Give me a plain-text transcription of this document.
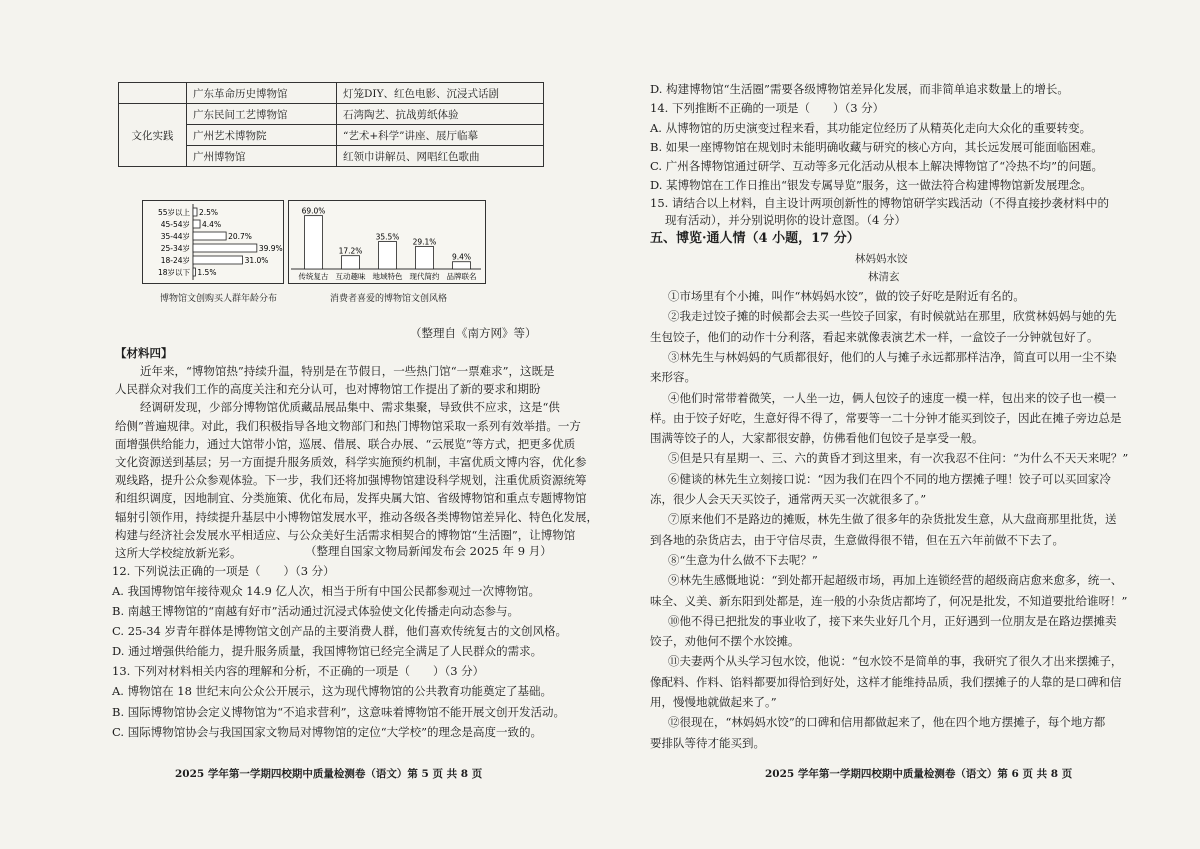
	广东革命历史博物馆	灯笼DIY、红色电影、沉浸式话剧
文化实践	广东民间工艺博物馆	石湾陶艺、抗战剪纸体验
	广州艺术博物院	“艺术+科学”讲座、展厅临摹
	广州博物馆	红领巾讲解员、网唱红色歌曲
55岁以上 2.5%
45-54岁 4.4%
35-44岁	20.7%
25-34岁	39.9%
18-24岁	31.0%
18岁以下 1.5%
博物馆文创购买人群年龄分布
69.0%
传统复古
17.2%
互动趣味
35.5%
地域特色
29.1%
现代简约
9.4%
品牌联名
消费者喜爱的博物馆文创风格
（整理自《南方网》等）
【材料四】
近年来，“博物馆热”持续升温，特别是在节假日，一些热门馆“一票难求”，这既是
人民群众对我们工作的高度关注和充分认可，也对博物馆工作提出了新的要求和期盼
经调研发现，少部分博物馆优质藏品展品集中、需求集聚，导致供不应求，这是“供
给侧”普遍规律。对此，我们积极指导各地文物部门和热门博物馆采取一系列有效举措。一方
面增强供给能力，通过大馆带小馆，巡展、借展、联合办展、“云展览”等方式，把更多优质
文化资源送到基层；另一方面提升服务质效，科学实施预约机制，丰富优质文博内容，优化参
观线路，提升公众参观体验。下一步，我们还将加强博物馆建设科学规划，注重优质资源统筹
和组织调度，因地制宜、分类施策、优化布局，发挥央属大馆、省级博物馆和重点专题博物馆
辐射引领作用，持续提升基层中小博物馆发展水平，推动各级各类博物馆差异化、特色化发展，
构建与经济社会发展水平相适应、与公众美好生活需求相契合的博物馆“生活圈”，让博物馆
这所大学校绽放新光彩。	（整理自国家文物局新闻发布会 2025 年 9 月）
12. 下列说法正确的一项是（　　）（3 分）
A. 我国博物馆年接待观众 14.9 亿人次，相当于所有中国公民都参观过一次博物馆。
B. 南越王博物馆的“南越有好市”活动通过沉浸式体验使文化传播走向动态参与。
C. 25-34 岁青年群体是博物馆文创产品的主要消费人群，他们喜欢传统复古的文创风格。
D. 通过增强供给能力，提升服务质量，我国博物馆已经完全满足了人民群众的需求。
13. 下列对材料相关内容的理解和分析，不正确的一项是（　　）（3 分）
A. 博物馆在 18 世纪末向公众公开展示，这为现代博物馆的公共教育功能奠定了基础。
B. 国际博物馆协会定义博物馆为“不追求营利”，这意味着博物馆不能开展文创开发活动。
C. 国际博物馆协会与我国国家文物局对博物馆的定位“大学校”的理念是高度一致的。
2025 学年第一学期四校期中质量检测卷（语文）第 5 页 共 8 页
D. 构建博物馆“生活圈”需要各级博物馆差异化发展，而非简单追求数量上的增长。
14. 下列推断不正确的一项是（　　）（3 分）
A. 从博物馆的历史演变过程来看，其功能定位经历了从精英化走向大众化的重要转变。
B. 如果一座博物馆在规划时未能明确收藏与研究的核心方向，其长远发展可能面临困难。
C. 广州各博物馆通过研学、互动等多元化活动从根本上解决博物馆了“冷热不均”的问题。
D. 某博物馆在工作日推出“银发专属导览”服务，这一做法符合构建博物馆新发展理念。
15. 请结合以上材料，自主设计两项创新性的博物馆研学实践活动（不得直接抄袭材料中的
现有活动），并分别说明你的设计意图。（4 分）
五、博览·通人情（4 小题，17 分）
林妈妈水饺
林清玄
①市场里有个小摊，叫作“林妈妈水饺”，做的饺子好吃是附近有名的。
②我走过饺子摊的时候都会去买一些饺子回家，有时候就站在那里，欣赏林妈妈与她的先
生包饺子，他们的动作十分利落，看起来就像表演艺术一样，一盒饺子一分钟就包好了。
③林先生与林妈妈的气质都很好，他们的人与摊子永远都那样洁净，简直可以用一尘不染
来形容。
④他们时常带着微笑，一人坐一边，俩人包饺子的速度一模一样，包出来的饺子也一模一
样。由于饺子好吃，生意好得不得了，常要等一二十分钟才能买到饺子，因此在摊子旁边总是
围满等饺子的人，大家都很安静，仿佛看他们包饺子是享受一般。
⑤但是只有星期一、三、六的黄昏才到这里来，有一次我忍不住问：“为什么不天天来呢？”
⑥健谈的林先生立刻接口说：“因为我们在四个不同的地方摆摊子哩！饺子可以买回家冷
冻，很少人会天天买饺子，通常两天买一次就很多了。”
⑦原来他们不是路边的摊贩，林先生做了很多年的杂货批发生意，从大盘商那里批货，送
到各地的杂货店去，由于守信尽责，生意做得很不错，但在五六年前做不下去了。
⑧“生意为什么做不下去呢？”
⑨林先生感慨地说：“到处都开起超级市场，再加上连锁经营的超级商店愈来愈多，统一、
味全、义美、新东阳到处都是，连一般的小杂货店都垮了，何况是批发，不知道要批给谁呀！”
⑩他不得已把批发的事业收了，接下来失业好几个月，正好遇到一位朋友是在路边摆摊卖
饺子，劝他何不摆个水饺摊。
⑪夫妻两个从头学习包水饺，他说：“包水饺不是简单的事，我研究了很久才出来摆摊子，
像配料、作料、馅料都要加得恰到好处，这样才能维持品质，我们摆摊子的人靠的是口碑和信
用，慢慢地就做起来了。”
⑫很现在，“林妈妈水饺”的口碑和信用都做起来了，他在四个地方摆摊子，每个地方都
要排队等待才能买到。
2025 学年第一学期四校期中质量检测卷（语文）第 6 页 共 8 页
